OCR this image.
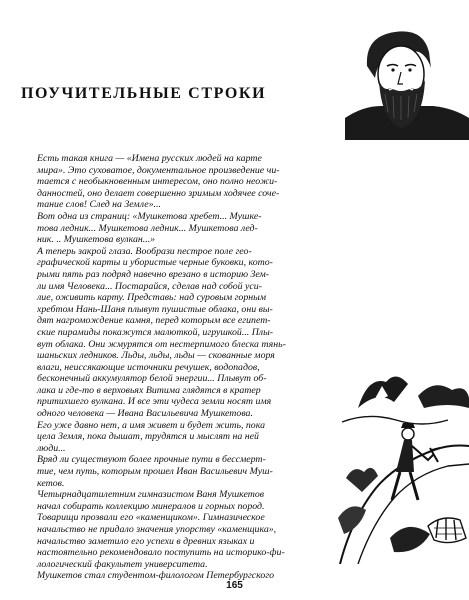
ПОУЧИТЕЛЬНЫЕ СТРОКИ
Есть такая книга — «Имена русских людей на карте
мира». Это суховатое, документальное произведение чи-
тается с необыкновенным интересом, оно полно неожи-
данностей, оно делает совершенно зримым ходячее соче-
тание слов! След на Земле»...
Вот одна из страниц: «Мушкетова хребет... Мушке-
това ледник... Мушкетова ледник... Мушкетова лед-
ник. .. Мушкетова вулкан...»
А теперь закрой глаза. Вообрази пестрое поле гео-
графической карты и убористые черные буковки, кото-
рыми пять раз подряд навечно врезано в историю Зем-
ли имя Человека... Постарайся, сделав над собой уси-
лие, оживить карту. Представь: над суровым горным
хребтом Нань-Шаня плывут пушистые облака, они вы-
дят нагромождение камня, перед которым все египет-
ские пирамиды покажутся малюткой, игрушкой... Плы-
вут облака. Они жмурятся от нестерпимого блеска тянь-
шаньских ледников. Льды, льды, льды — скованные моря
влаги, неиссякающие источники речушек, водопадов,
бесконечный аккумулятор белой энергии... Плывут об-
лака и где-то в верховьях Витима глядятся в кратер
притихшего вулкана. И все эти чудеса земли носят имя
одного человека — Ивана Васильевича Мушкетова.
Его уже давно нет, а имя живет и будет жить, пока
цела Земля, пока дышат, трудятся и мыслят на ней
люди...
Вряд ли существуют более прочные пути в бессмерт-
тие, чем путь, которым прошел Иван Васильевич Муш-
кетов.
Четырнадцатилетним гимназистом Ваня Мушкетов
начал собирать коллекцию минералов и горных пород.
Товарищи прозвали его «каменщиком». Гимназическое
начальство не придало значения упорству «каменщика»,
начальство заметило его успехи в древних языках и
настоятельно рекомендовало поступить на историко-фи-
лологический факультет университета.
Мушкетов стал студентом-филологом Петербургского
165
